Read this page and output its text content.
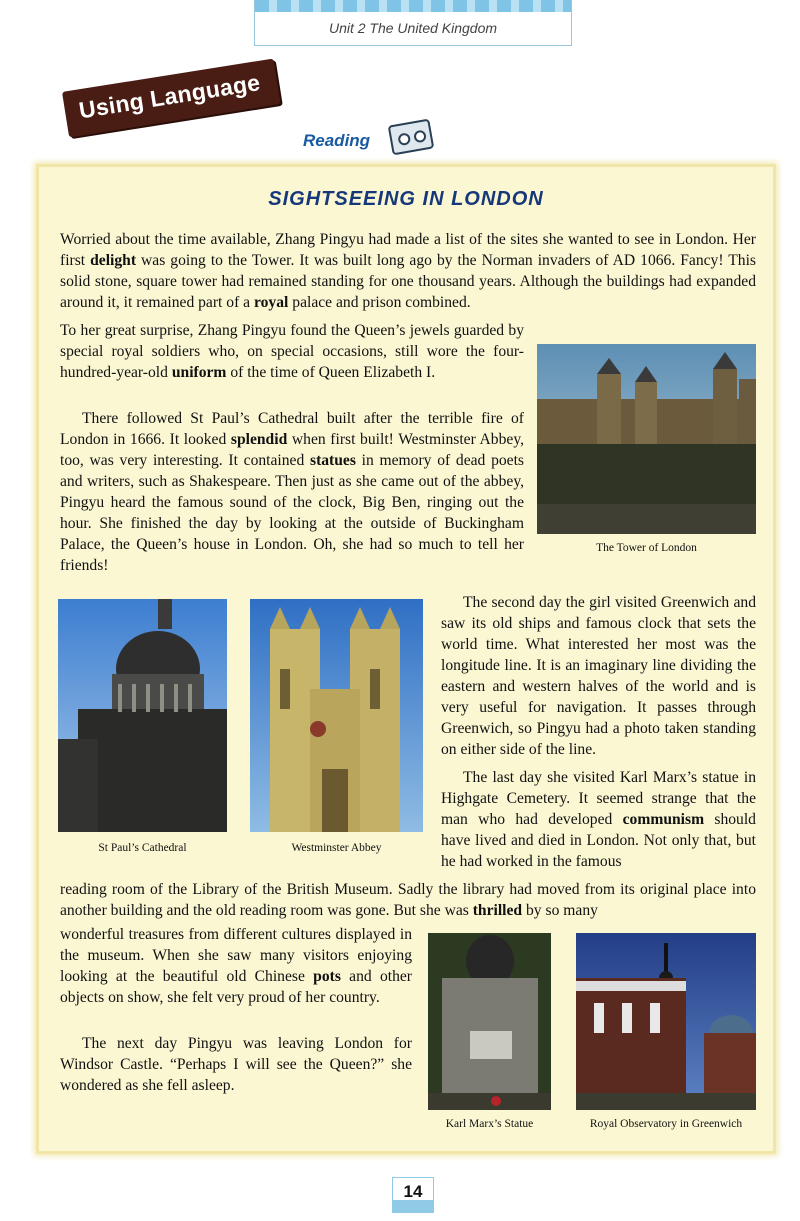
Unit 2 The United Kingdom
Using Language
Reading
SIGHTSEEING IN LONDON

Worried about the time available, Zhang Pingyu had made a list of the sites she wanted to see in London. Her first delight was going to the Tower. It was built long ago by the Norman invaders of AD 1066. Fancy! This solid stone, square tower had remained standing for one thousand years. Although the buildings had expanded around it, it remained part of a royal palace and prison combined.

To her great surprise, Zhang Pingyu found the Queen’s jewels guarded by special royal soldiers who, on special occasions, still wore the four-hundred-year-old uniform of the time of Queen Elizabeth I.

The Tower of London

There followed St Paul’s Cathedral built after the terrible fire of London in 1666. It looked splendid when first built! Westminster Abbey, too, was very interesting. It contained statues in memory of dead poets and writers, such as Shakespeare. Then just as she came out of the abbey, Pingyu heard the famous sound of the clock, Big Ben, ringing out the hour. She finished the day by looking at the outside of Buckingham Palace, the Queen’s house in London. Oh, she had so much to tell her friends!

St Paul’s Cathedral	Westminster Abbey

The second day the girl visited Greenwich and saw its old ships and famous clock that sets the world time. What interested her most was the longitude line. It is an imaginary line dividing the eastern and western halves of the world and is very useful for navigation. It passes through Greenwich, so Pingyu had a photo taken standing on either side of the line.

The last day she visited Karl Marx’s statue in Highgate Cemetery. It seemed strange that the man who had developed communism should have lived and died in London. Not only that, but he had worked in the famous

reading room of the Library of the British Museum. Sadly the library had moved from its original place into another building and the old reading room was gone. But she was thrilled by so many

wonderful treasures from different cultures displayed in the museum. When she saw many visitors enjoying looking at the beautiful old Chinese pots and other objects on show, she felt very proud of her country.

The next day Pingyu was leaving London for Windsor Castle. “Perhaps I will see the Queen?” she wondered as she fell asleep.

Karl Marx’s Statue	Royal Observatory in Greenwich
14
